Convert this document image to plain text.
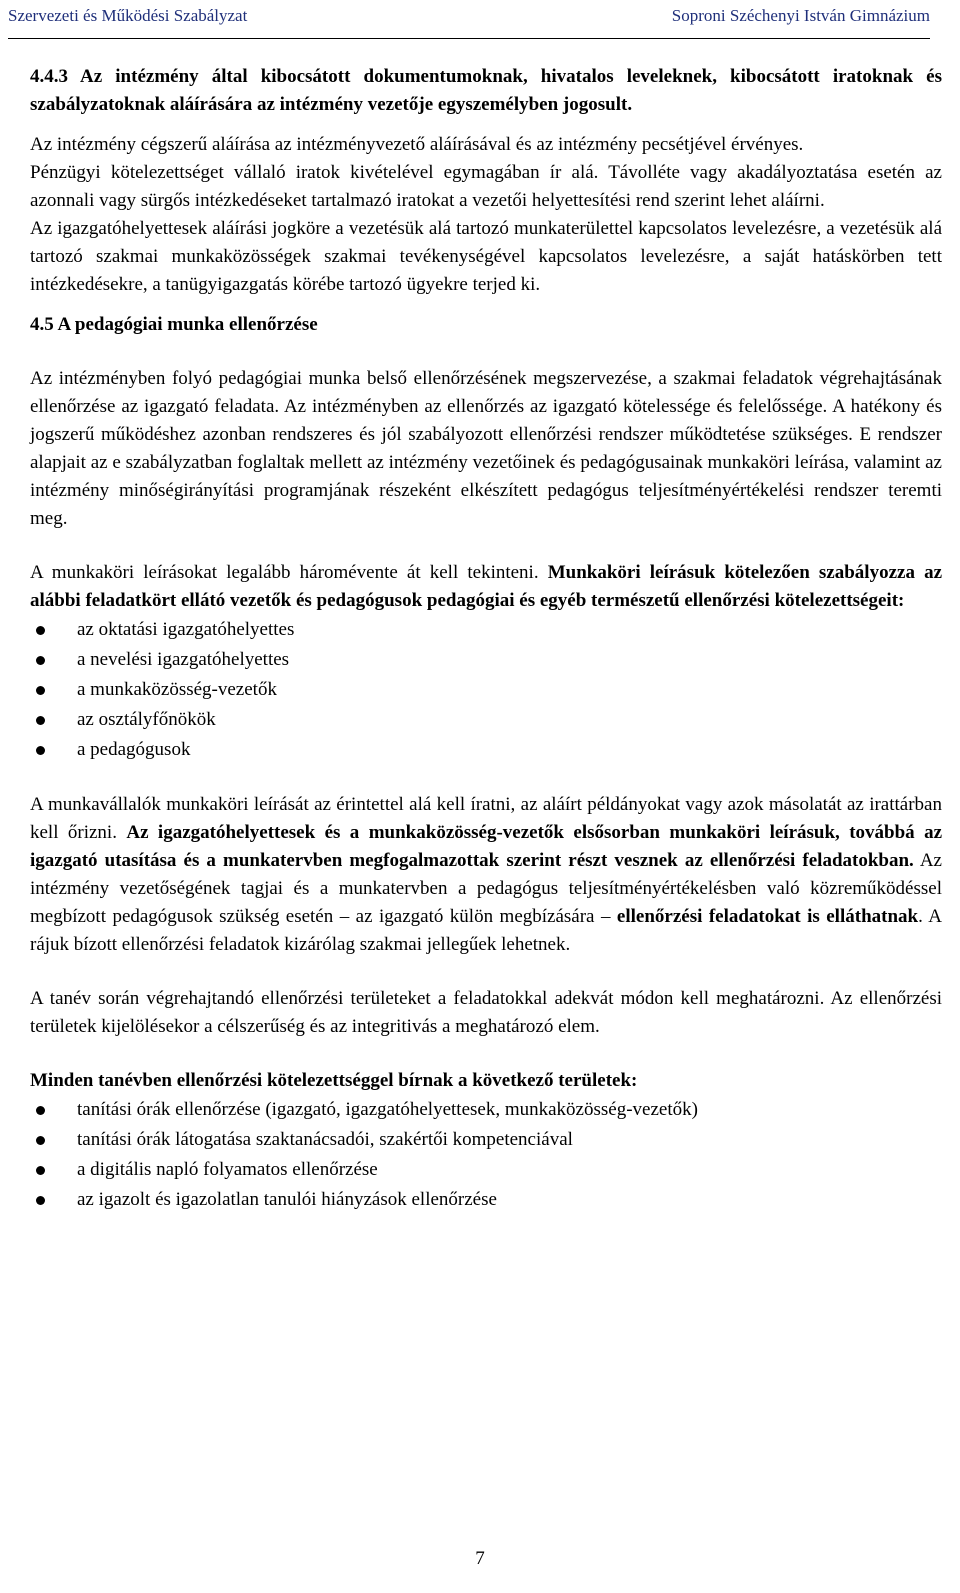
Szervezeti és Működési Szabályzat	Soproni Széchenyi István Gimnázium

4.4.3 Az intézmény által kibocsátott dokumentumoknak, hivatalos leveleknek, kibocsátott iratoknak és szabályzatoknak aláírására az intézmény vezetője egyszemélyben jogosult.

Az intézmény cégszerű aláírása az intézményvezető aláírásával és az intézmény pecsétjével érvényes.

Pénzügyi kötelezettséget vállaló iratok kivételével egymagában ír alá. Távolléte vagy akadályoztatása esetén az azonnali vagy sürgős intézkedéseket tartalmazó iratokat a vezetői helyettesítési rend szerint lehet aláírni.

Az igazgatóhelyettesek aláírási jogköre a vezetésük alá tartozó munkaterülettel kapcsolatos levelezésre, a vezetésük alá tartozó szakmai munkaközösségek szakmai tevékenységével kapcsolatos levelezésre, a saját hatáskörben tett intézkedésekre, a tanügyigazgatás körébe tartozó ügyekre terjed ki.

4.5 A pedagógiai munka ellenőrzése

Az intézményben folyó pedagógiai munka belső ellenőrzésének megszervezése, a szakmai feladatok végrehajtásának ellenőrzése az igazgató feladata. Az intézményben az ellenőrzés az igazgató kötelessége és felelőssége. A hatékony és jogszerű működéshez azonban rendszeres és jól szabályozott ellenőrzési rendszer működtetése szükséges. E rendszer alapjait az e szabályzatban foglaltak mellett az intézmény vezetőinek és pedagógusainak munkaköri leírása, valamint az intézmény minőségirányítási programjának részeként elkészített pedagógus teljesítményértékelési rendszer teremti meg.

A munkaköri leírásokat legalább háromévente át kell tekinteni. Munkaköri leírásuk kötelezően szabályozza az alábbi feladatkört ellátó vezetők és pedagógusok pedagógiai és egyéb természetű ellenőrzési kötelezettségeit:

az oktatási igazgatóhelyettes
a nevelési igazgatóhelyettes
a munkaközösség-vezetők
az osztályfőnökök
a pedagógusok

A munkavállalók munkaköri leírását az érintettel alá kell íratni, az aláírt példányokat vagy azok másolatát az irattárban kell őrizni. Az igazgatóhelyettesek és a munkaközösség-vezetők elsősorban munkaköri leírásuk, továbbá az igazgató utasítása és a munkatervben megfogalmazottak szerint részt vesznek az ellenőrzési feladatokban. Az intézmény vezetőségének tagjai és a munkatervben a pedagógus teljesítményértékelésben való közreműködéssel megbízott pedagógusok szükség esetén – az igazgató külön megbízására – ellenőrzési feladatokat is elláthatnak. A rájuk bízott ellenőrzési feladatok kizárólag szakmai jellegűek lehetnek.

A tanév során végrehajtandó ellenőrzési területeket a feladatokkal adekvát módon kell meghatározni. Az ellenőrzési területek kijelölésekor a célszerűség és az integritivás a meghatározó elem.

Minden tanévben ellenőrzési kötelezettséggel bírnak a következő területek:

tanítási órák ellenőrzése (igazgató, igazgatóhelyettesek, munkaközösség-vezetők)
tanítási órák látogatása szaktanácsadói, szakértői kompetenciával
a digitális napló folyamatos ellenőrzése
az igazolt és igazolatlan tanulói hiányzások ellenőrzése
7
